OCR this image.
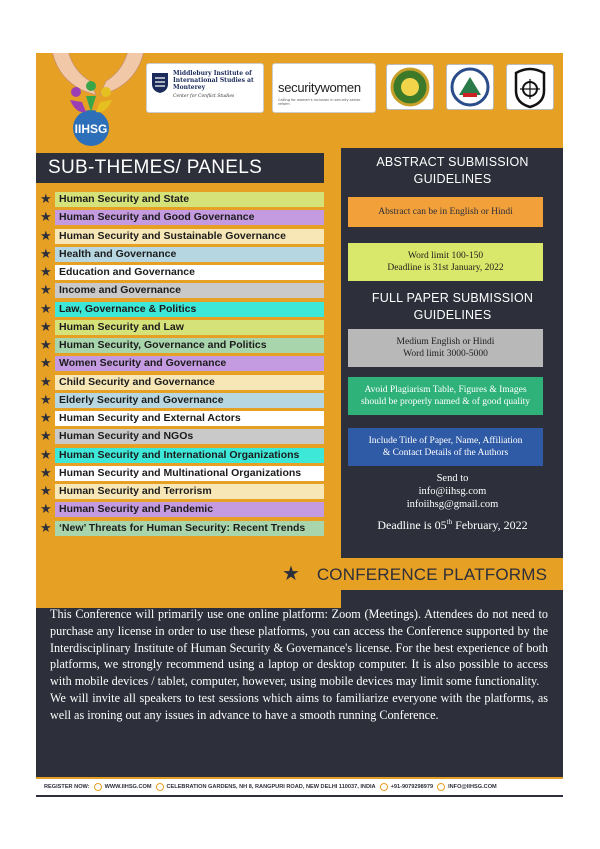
IIHSG
Middlebury Institute of International Studies at Monterey
Center for Conflict Studies
securitywomen
Calling for women's inclusion in security sector reform
SUB-THEMES/ PANELS
★ Human Security and State
★ Human Security and Good Governance
★ Human Security and Sustainable Governance
★ Health and Governance
★ Education and Governance
★ Income and Governance
★ Law, Governance & Politics
★ Human Security and Law
★ Human Security, Governance and Politics
★ Women Security and Governance
★ Child Security and Governance
★ Elderly Security and Governance
★ Human Security and External Actors
★ Human Security and NGOs
★ Human Security and International Organizations
★ Human Security and Multinational Organizations
★ Human Security and Terrorism
★ Human Security and Pandemic
★ ‘New’ Threats for Human Security: Recent Trends
ABSTRACT SUBMISSION
GUIDELINES
Abstract can be in English or Hindi ★
Word limit 100-150
Deadline is 31st January, 2022 ★
FULL PAPER SUBMISSION
GUIDELINES
Medium English or Hindi
Word limit 3000-5000	★
Avoid Plagiarism Table, Figures & Images
should be properly named & of good quality ★
Include Title of Paper, Name, Affiliation
& Contact Details of the Authors ★
Send to
info@iihsg.com
infoiihsg@gmail.com
Deadline is 05th February, 2022
★ CONFERENCE PLATFORMS
This Conference will primarily use one online platform: Zoom (Meetings). Attendees do not need to purchase any license in order to use these platforms, you can access the Conference supported by the Interdisciplinary Institute of Human Security & Governance's license. For the best experience of both platforms, we strongly recommend using a laptop or desktop computer. It is also possible to access with mobile devices / tablet, computer, however, using mobile devices may limit some functionality.
We will invite all speakers to test sessions which aims to familiarize everyone with the platforms, as well as ironing out any issues in advance to have a smooth running Conference.
REGISTER NOW:	WWW.IIHSG.COM	CELEBRATION GARDENS, NH 8, RANGPURI ROAD, NEW DELHI 110037, INDIA	+91-9079298979	INFO@IIHSG.COM
